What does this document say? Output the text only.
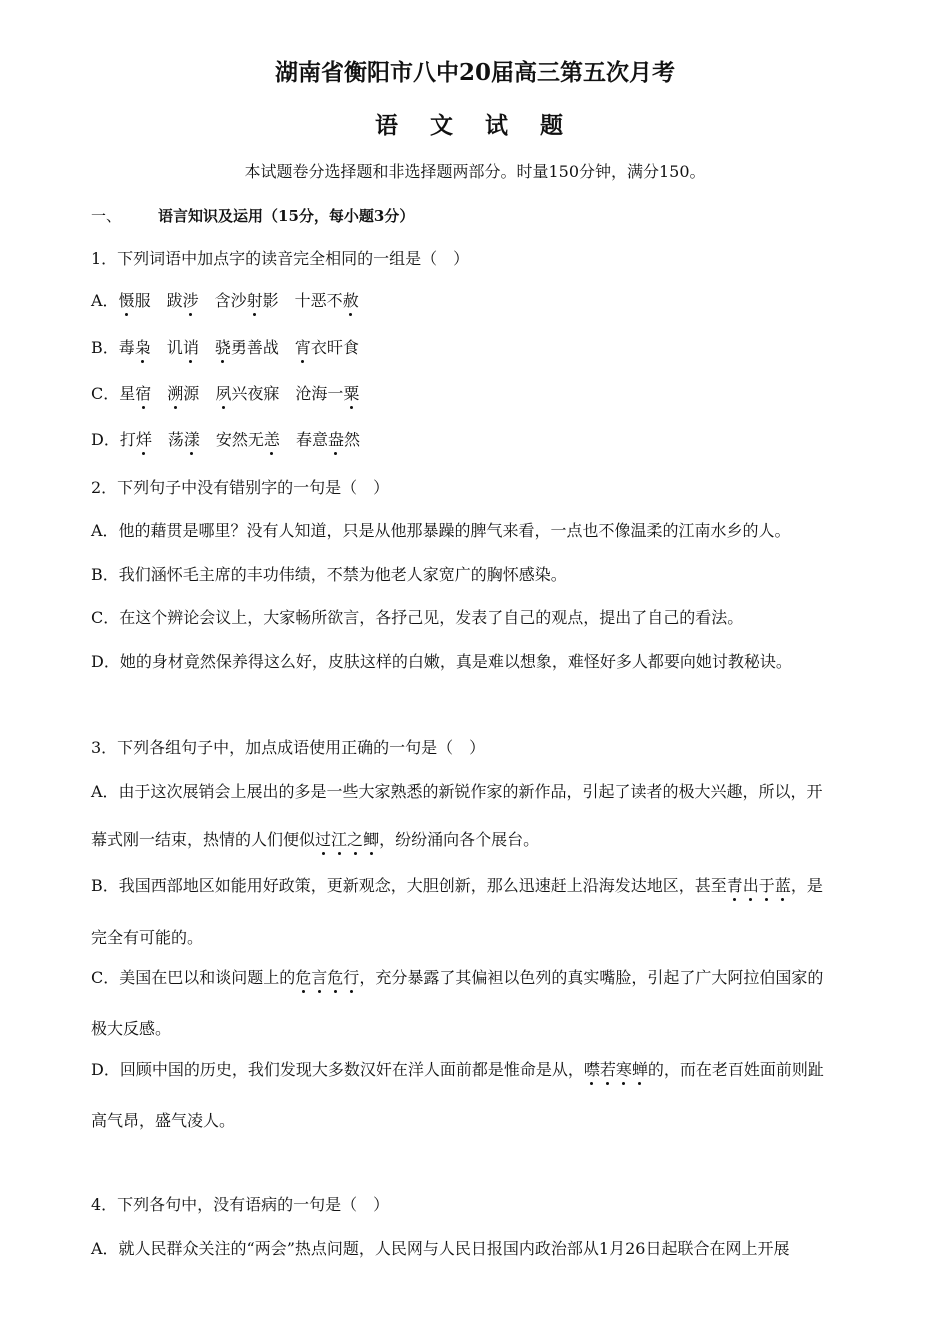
湖南省衡阳市八中20届高三第五次月考
语 文 试 题
本试题卷分选择题和非选择题两部分。时量150分钟，满分150。
一、 语言知识及运用（15分，每小题3分）
1．下列词语中加点字的读音完全相同的一组是（　）
A．慑服 跋涉 含沙射影 十恶不赦
B．毒枭 讥诮 骁勇善战 宵衣旰食
C．星宿 溯源 夙兴夜寐 沧海一粟
D．打烊 荡漾 安然无恙 春意盎然
2．下列句子中没有错别字的一句是（　）
A．他的藉贯是哪里？没有人知道，只是从他那暴躁的脾气来看，一点也不像温柔的江南水乡的人。
B．我们涵怀毛主席的丰功伟绩，不禁为他老人家宽广的胸怀感染。
C．在这个辨论会议上，大家畅所欲言，各抒己见，发表了自己的观点，提出了自己的看法。
D．她的身材竟然保养得这么好，皮肤这样的白嫩，真是难以想象，难怪好多人都要向她讨教秘诀。
3．下列各组句子中，加点成语使用正确的一句是（　）
A．由于这次展销会上展出的多是一些大家熟悉的新锐作家的新作品，引起了读者的极大兴趣，所以，开
幕式刚一结束，热情的人们便似过江之鲫，纷纷涌向各个展台。
B．我国西部地区如能用好政策，更新观念，大胆创新，那么迅速赶上沿海发达地区，甚至青出于蓝，是
完全有可能的。
C．美国在巴以和谈问题上的危言危行，充分暴露了其偏袒以色列的真实嘴脸，引起了广大阿拉伯国家的
极大反感。
D．回顾中国的历史，我们发现大多数汉奸在洋人面前都是惟命是从，噤若寒蝉的，而在老百姓面前则趾
高气昂，盛气凌人。
4．下列各句中，没有语病的一句是（　）
A．就人民群众关注的“两会”热点问题，人民网与人民日报国内政治部从1月26日起联合在网上开展
